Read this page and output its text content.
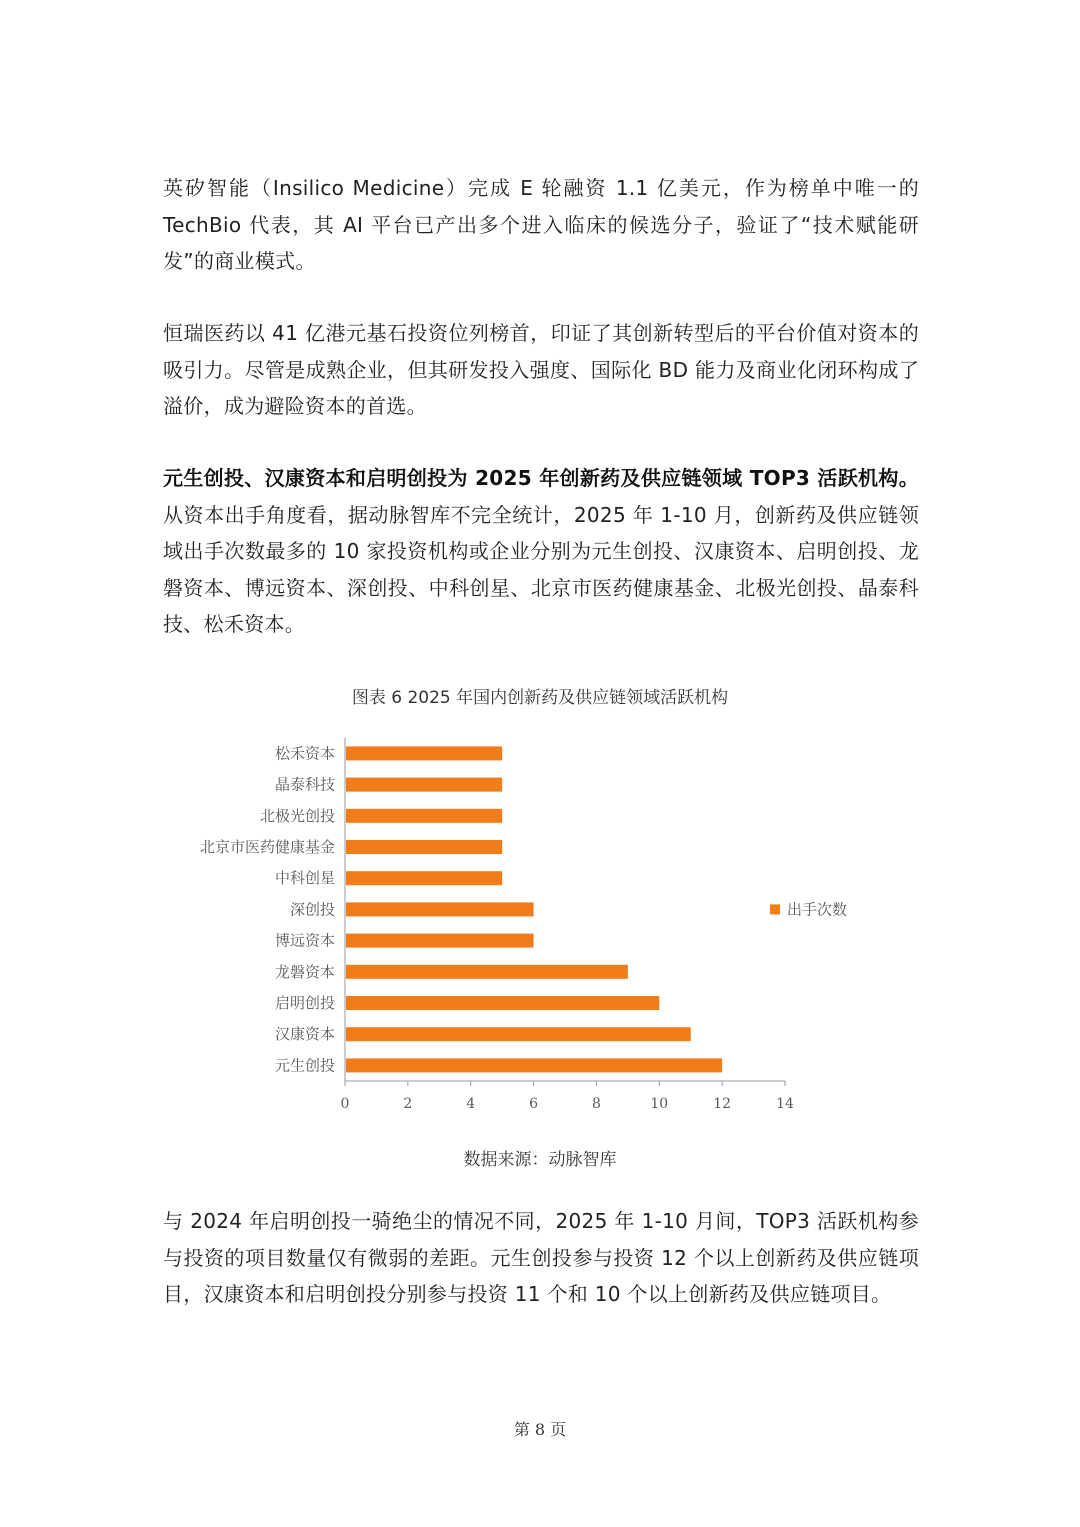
英矽智能（Insilico Medicine）完成 E 轮融资 1.1 亿美元，作为榜单中唯一的TechBio 代表，其 AI 平台已产出多个进入临床的候选分子，验证了“技术赋能研发”的商业模式。

恒瑞医药以 41 亿港元基石投资位列榜首，印证了其创新转型后的平台价值对资本的吸引力。尽管是成熟企业，但其研发投入强度、国际化 BD 能力及商业化闭环构成了溢价，成为避险资本的首选。

元生创投、汉康资本和启明创投为 2025 年创新药及供应链领域 TOP3 活跃机构。从资本出手角度看，据动脉智库不完全统计，2025 年 1-10 月，创新药及供应链领域出手次数最多的 10 家投资机构或企业分别为元生创投、汉康资本、启明创投、龙磐资本、博远资本、深创投、中科创星、北京市医药健康基金、北极光创投、晶泰科技、松禾资本。

图表 6 2025 年国内创新药及供应链领域活跃机构
0	2	4	6	8	10	12	14
元生创投
汉康资本
启明创投
龙磐资本
博远资本
深创投
中科创星
北京市医药健康基金
北极光创投
晶泰科技
松禾资本
出手次数
数据来源：动脉智库

与 2024 年启明创投一骑绝尘的情况不同，2025 年 1-10 月间，TOP3 活跃机构参与投资的项目数量仅有微弱的差距。元生创投参与投资 12 个以上创新药及供应链项目，汉康资本和启明创投分别参与投资 11 个和 10 个以上创新药及供应链项目。

第 8 页
